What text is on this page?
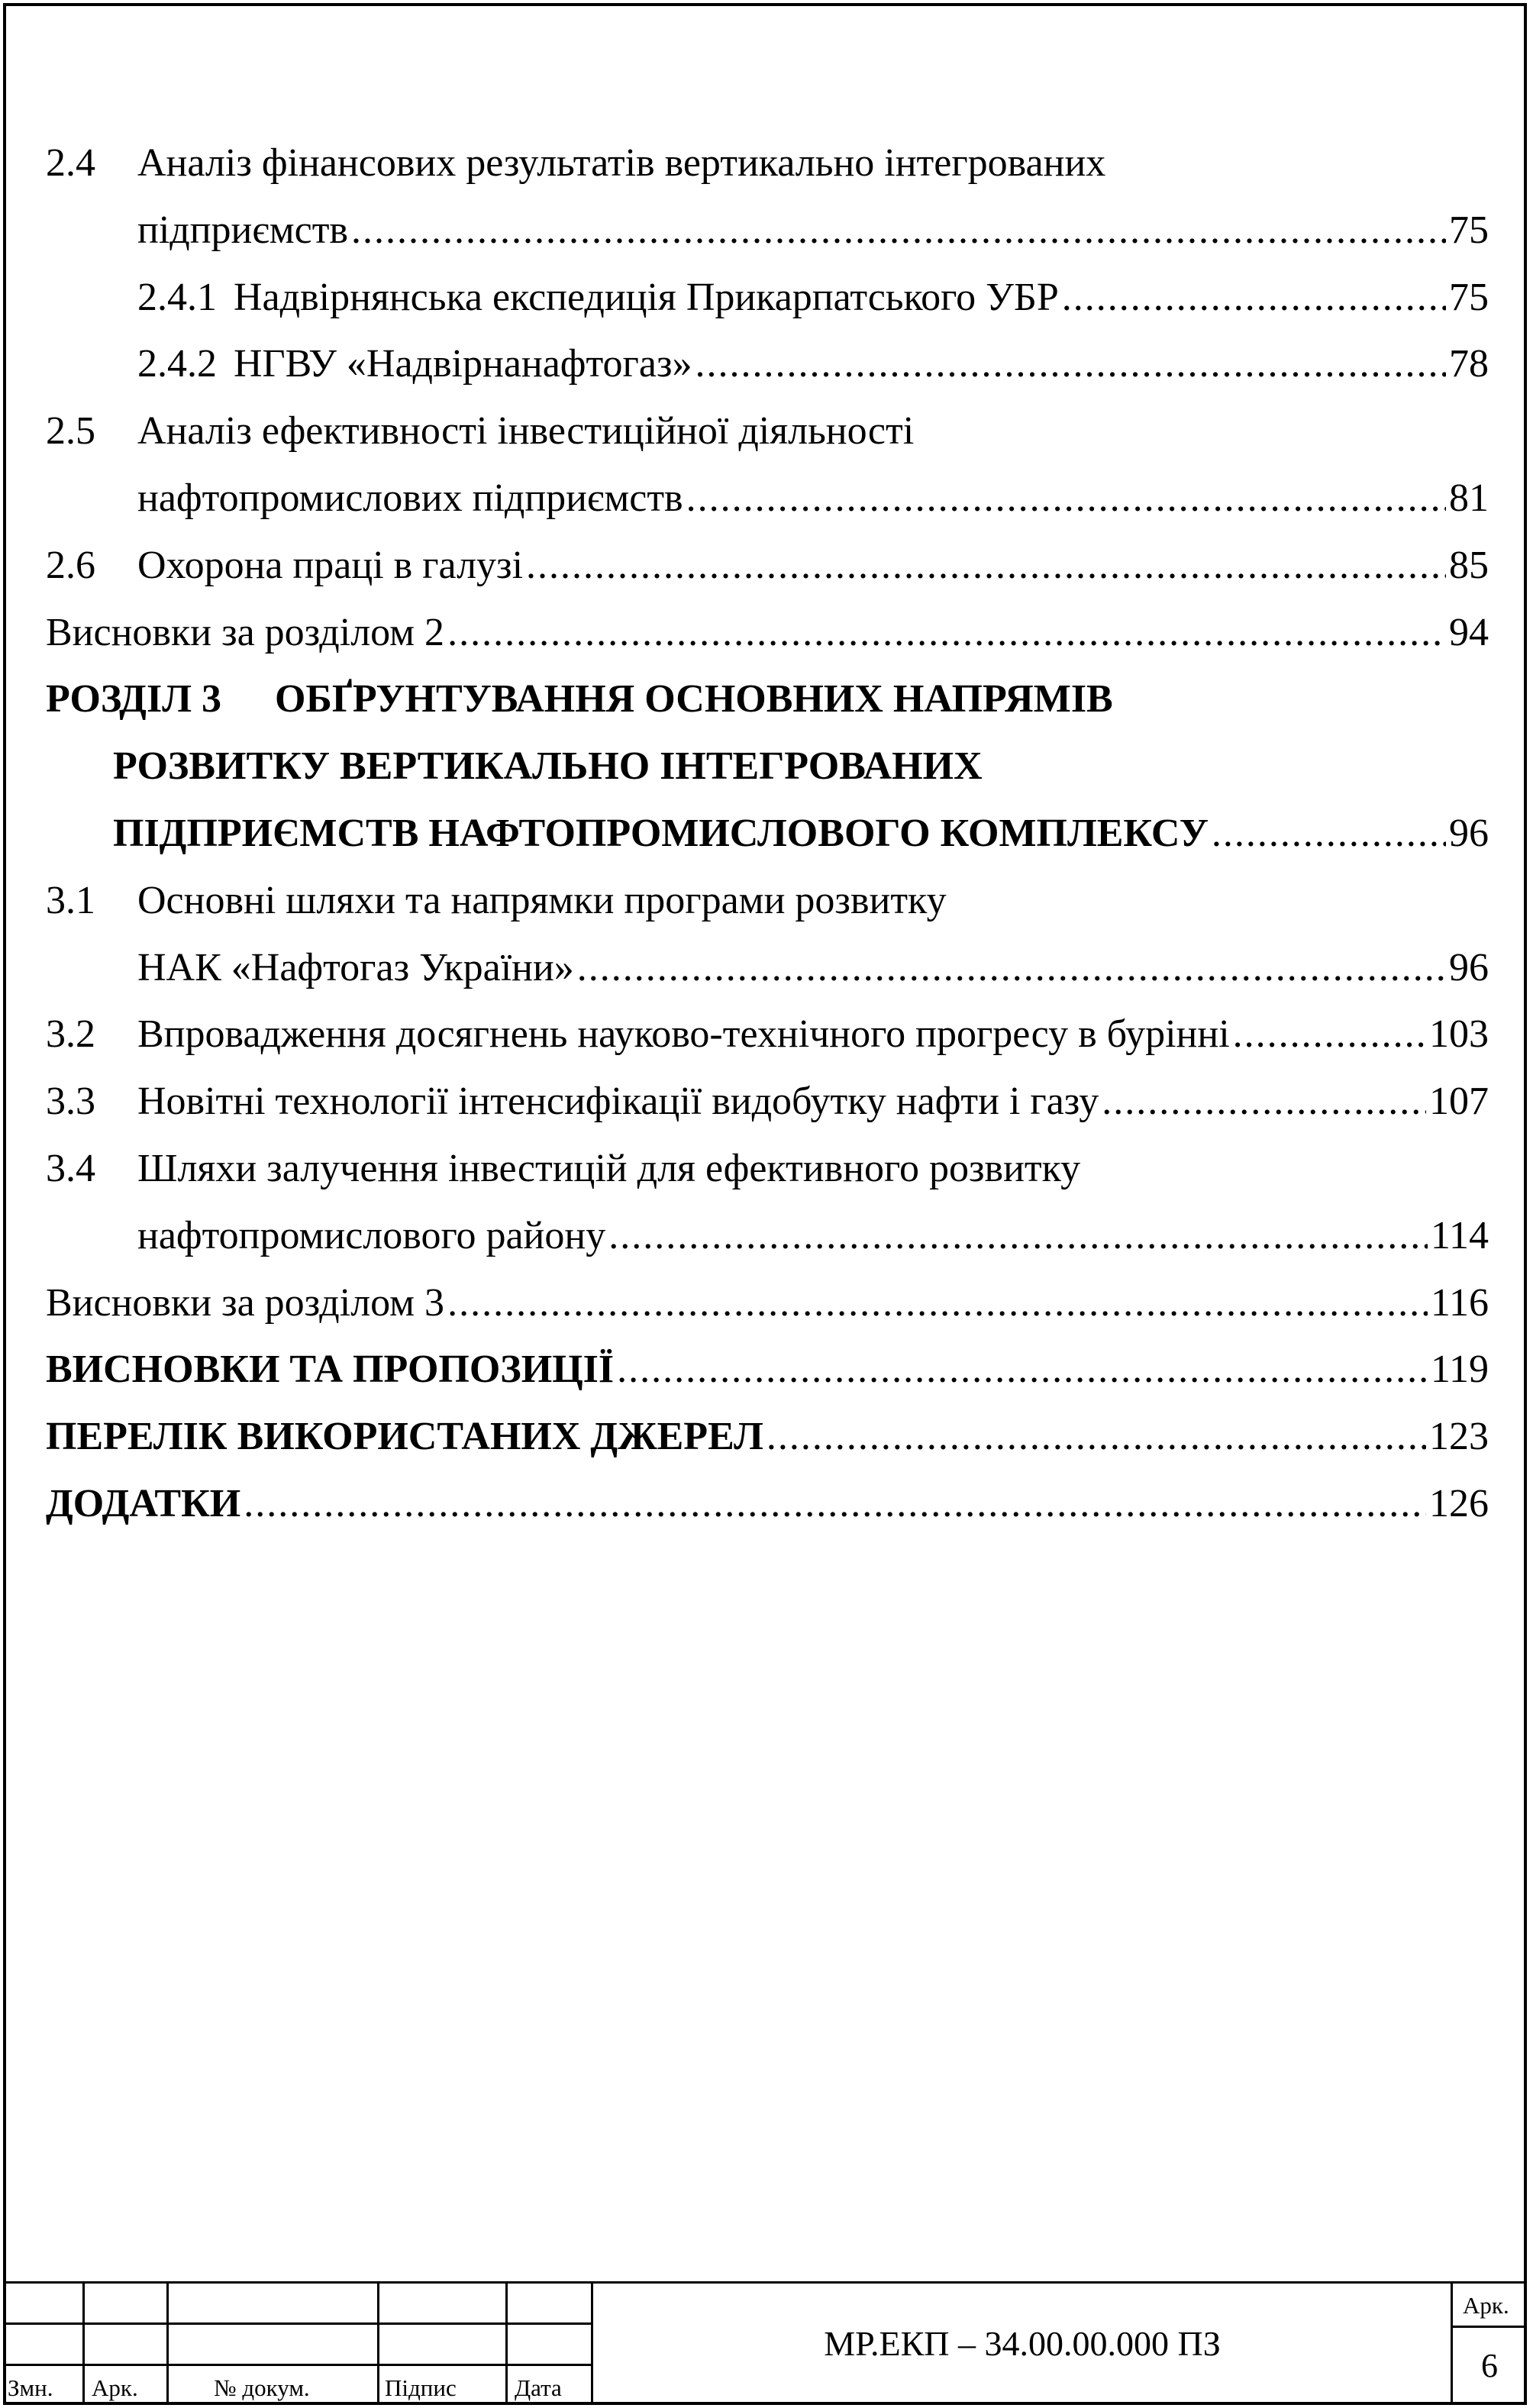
2.4 Аналіз фінансових результатів вертикально інтегрованих
підприємств .....	75
2.4.1 Надвірнянська експедиція Прикарпатського УБР .....	75
2.4.2 НГВУ «Надвірнанафтогаз» .....	78
2.5 Аналіз ефективності інвестиційної діяльності
нафтопромислових підприємств .....	81
2.6 Охорона праці в галузі .....	85
Висновки за розділом 2 .....	94
РОЗДІЛ 3 ОБҐРУНТУВАННЯ ОСНОВНИХ НАПРЯМІВ
РОЗВИТКУ ВЕРТИКАЛЬНО ІНТЕГРОВАНИХ
ПІДПРИЄМСТВ НАФТОПРОМИСЛОВОГО КОМПЛЕКСУ .....	96
3.1 Основні шляхи та напрямки програми розвитку
НАК «Нафтогаз України» .....	96
3.2 Впровадження досягнень науково-технічного прогресу в бурінні .....	103
3.3 Новітні технології інтенсифікації видобутку нафти і газу .....	107
3.4 Шляхи залучення інвестицій для ефективного розвитку
нафтопромислового району .....	114
Висновки за розділом 3 .....	116
ВИСНОВКИ ТА ПРОПОЗИЦІЇ .....	119
ПЕРЕЛІК ВИКОРИСТАНИХ ДЖЕРЕЛ .....	123
ДОДАТКИ .....	126
Змн. Арк.	№ докум.	Підпис Дата
МР.ЕКП – 34.00.00.000 ПЗ
Арк.
6
